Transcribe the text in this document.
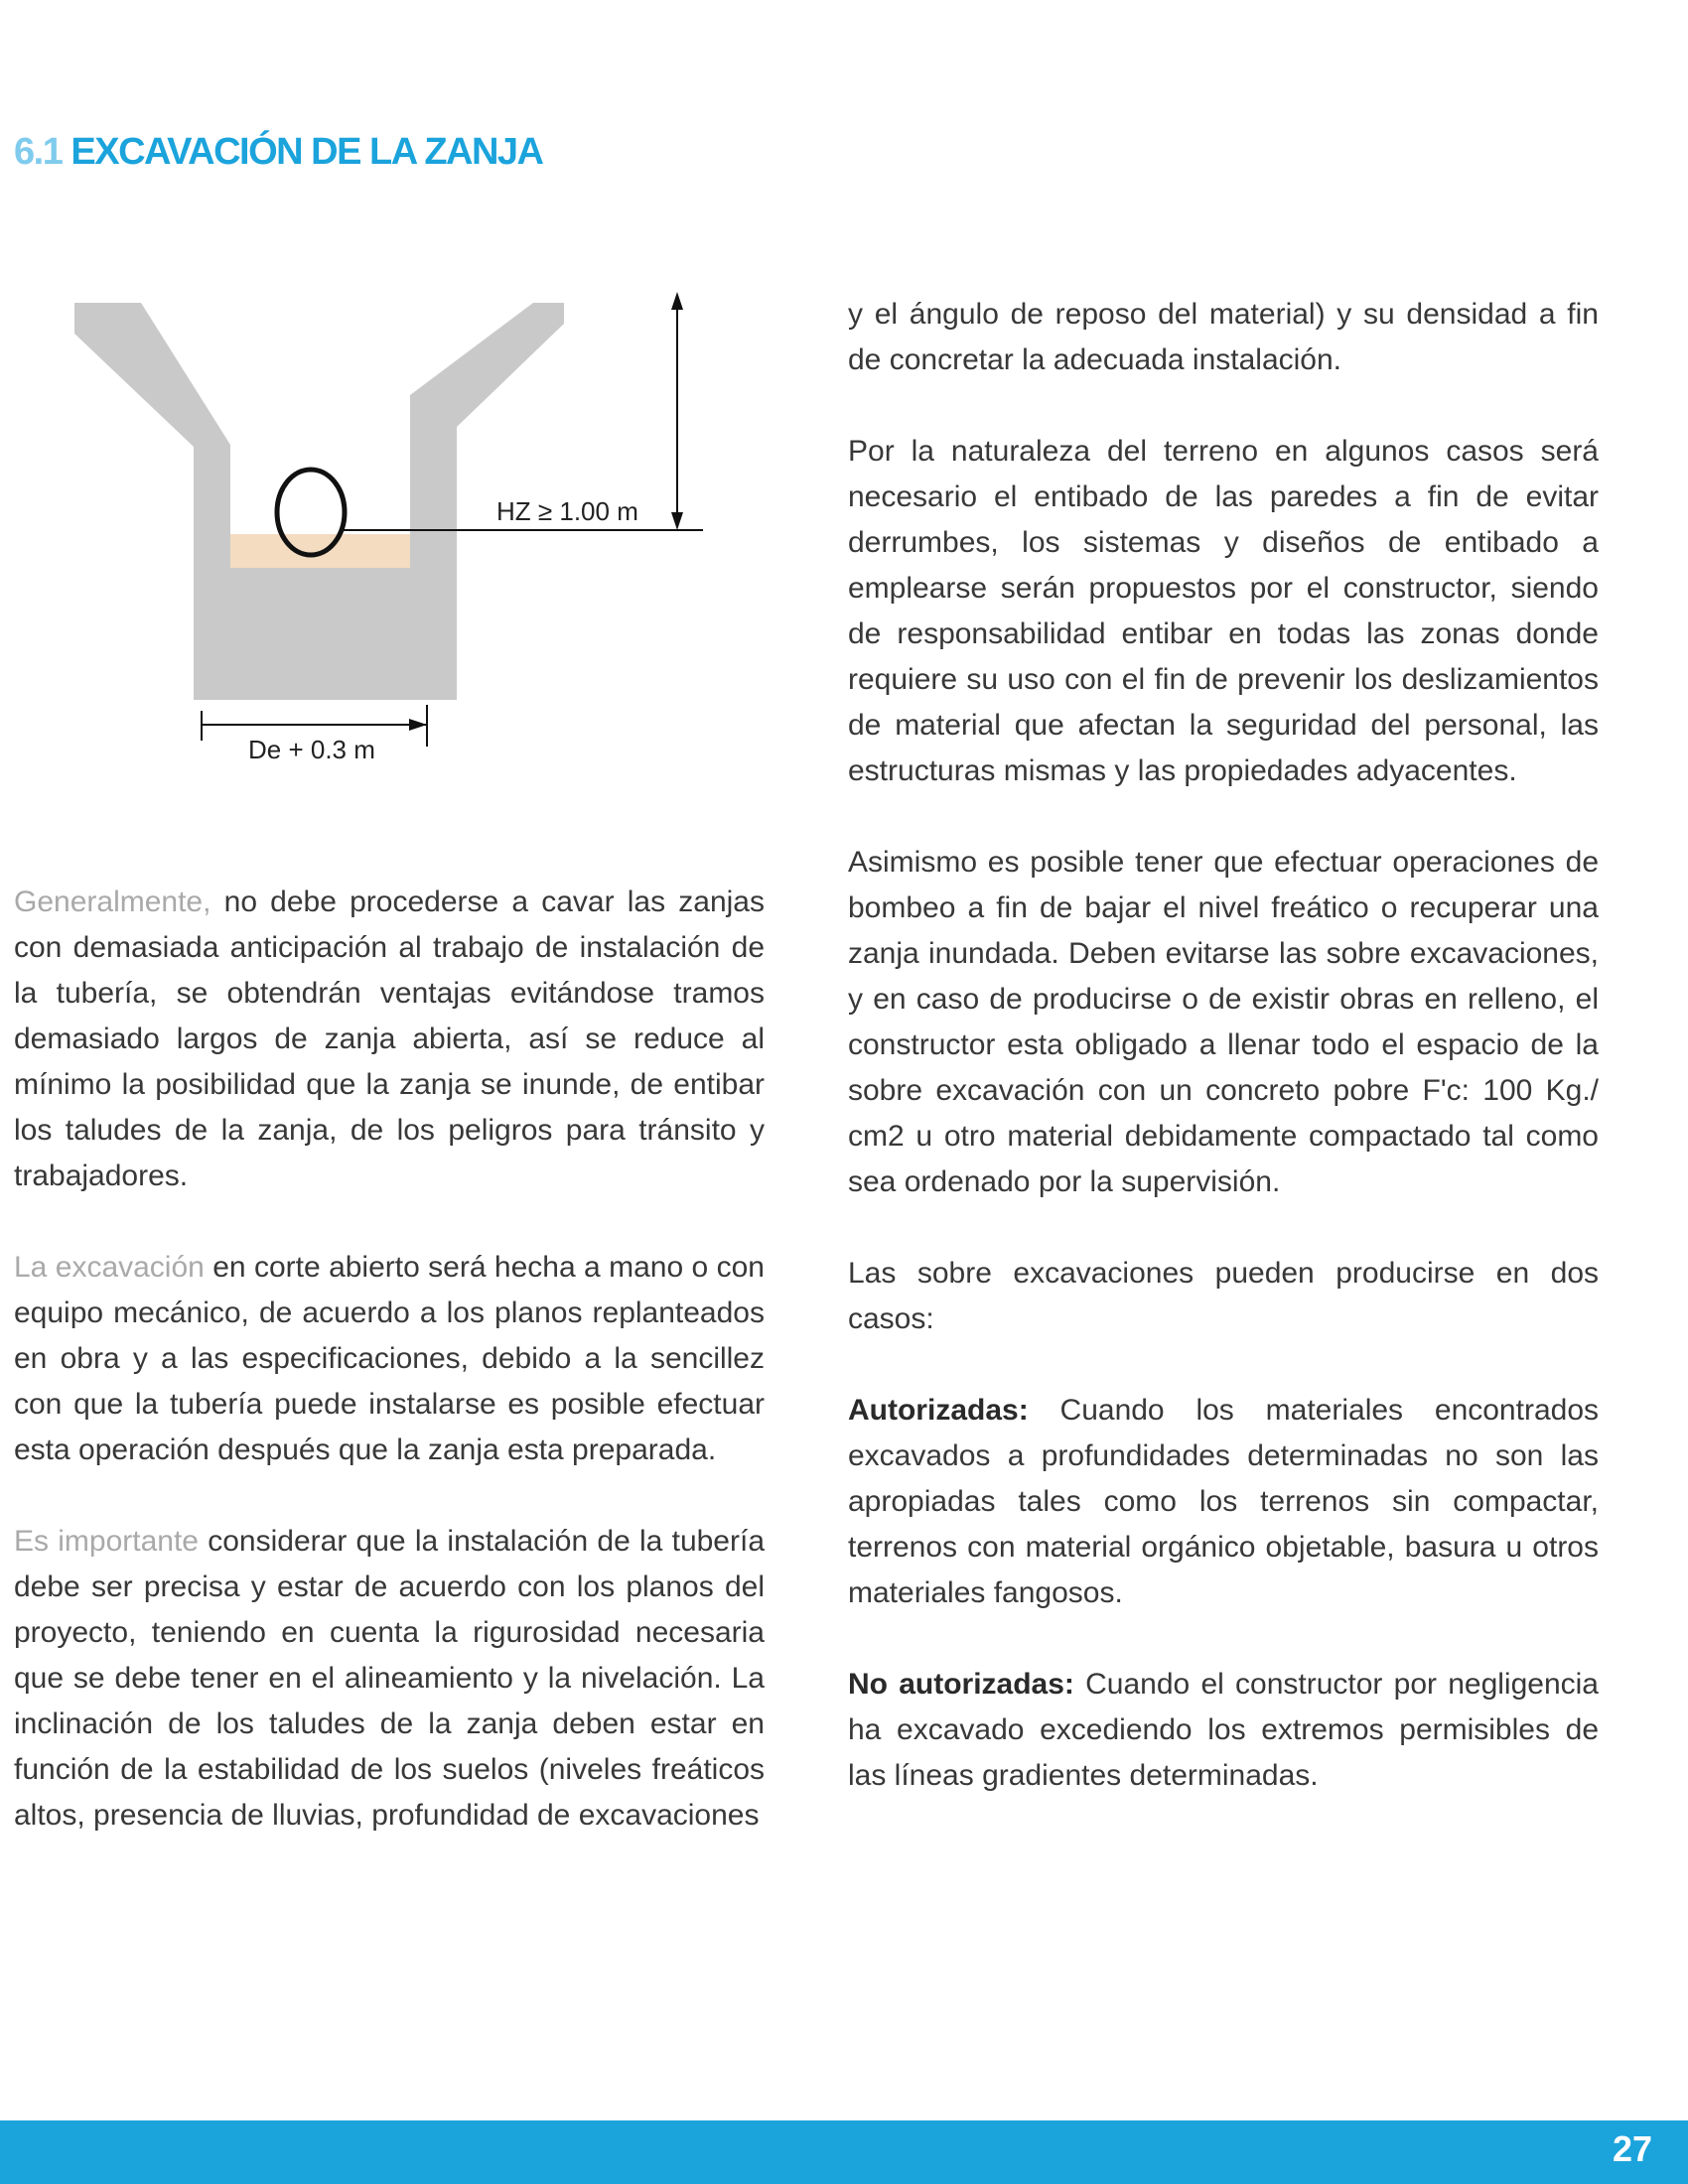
6.1 EXCAVACIÓN DE LA ZANJA
HZ ≥ 1.00 m
De + 0.3 m

Generalmente, no debe procederse a cavar las zanjas con demasiada anticipación al trabajo de instalación de la tubería, se obtendrán ventajas evitándose tramos demasiado largos de zanja abierta, así se reduce al mínimo la posibilidad que la zanja se inunde, de entibar los taludes de la zanja, de los peligros para tránsito y trabajadores.

La excavación en corte abierto será hecha a mano o con equipo mecánico, de acuerdo a los planos replanteados en obra y a las especificaciones, debido a la sencillez con que la tubería puede instalarse es posible efectuar esta operación después que la zanja esta preparada.

Es importante considerar que la instalación de la tubería debe ser precisa y estar de acuerdo con los planos del proyecto, teniendo en cuenta la rigurosidad necesaria que se debe tener en el alineamiento y la nivelación. La inclinación de los taludes de la zanja deben estar en función de la estabilidad de los suelos (niveles freáticos altos, presencia de lluvias, profundidad de excavaciones

y el ángulo de reposo del material) y su densidad a fin de concretar la adecuada instalación.

Por la naturaleza del terreno en algunos casos será necesario el entibado de las paredes a fin de evitar derrumbes, los sistemas y diseños de entibado a emplearse serán propuestos por el constructor, siendo de responsabilidad entibar en todas las zonas donde requiere su uso con el fin de prevenir los deslizamientos de material que afectan la seguridad del personal, las estructuras mismas y las propiedades adyacentes.

Asimismo es posible tener que efectuar operaciones de bombeo a fin de bajar el nivel freático o recuperar una zanja inundada. Deben evitarse las sobre excavaciones, y en caso de producirse o de existir obras en relleno, el constructor esta obligado a llenar todo el espacio de la sobre excavación con un concreto pobre F'c: 100 Kg./ cm2 u otro material debidamente compactado tal como sea ordenado por la supervisión.

Las sobre excavaciones pueden producirse en dos casos:

Autorizadas: Cuando los materiales encontrados excavados a profundidades determinadas no son las apropiadas tales como los terrenos sin compactar, terrenos con material orgánico objetable, basura u otros materiales fangosos.

No autorizadas: Cuando el constructor por negligencia ha excavado excediendo los extremos permisibles de las líneas gradientes determinadas.

27
